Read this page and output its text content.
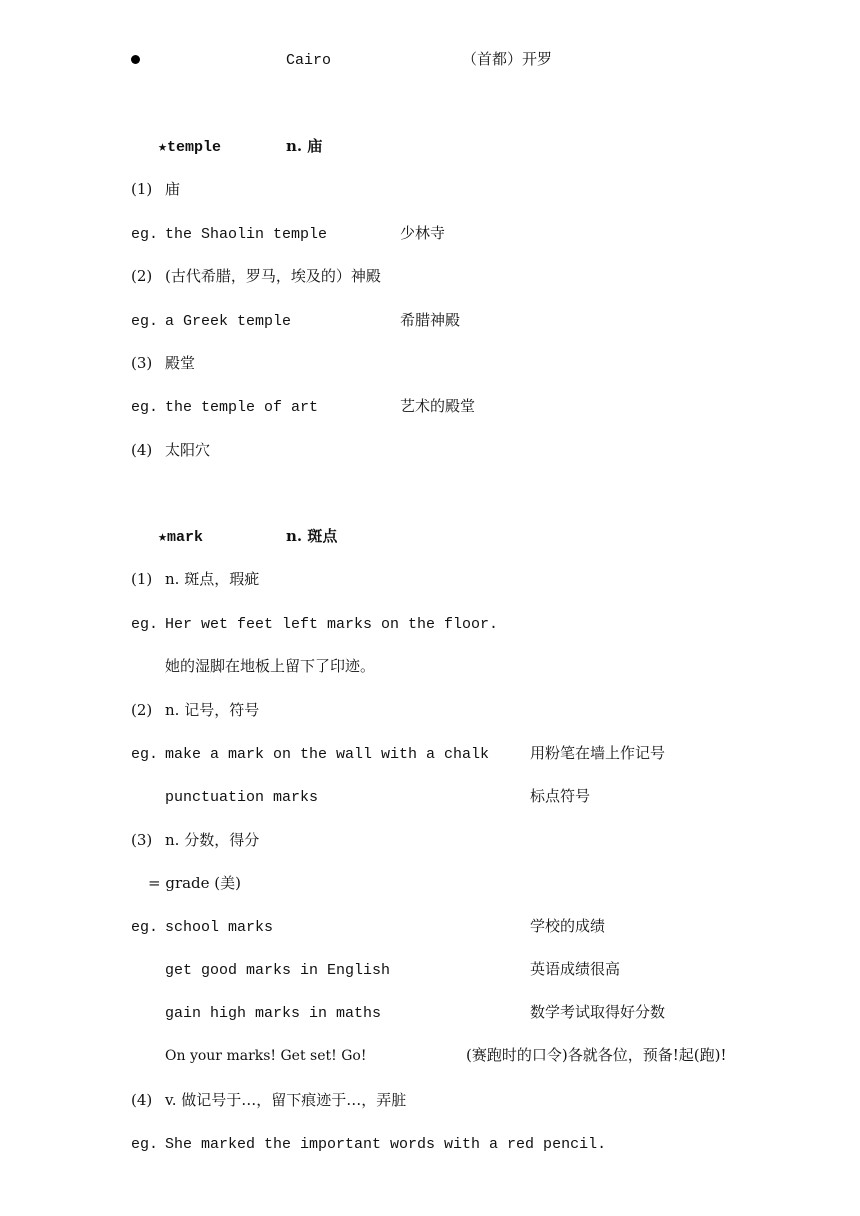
Cairo	（首都）开罗
★temple	n. 庙
(1) 庙
eg. the Shaolin temple	少林寺
(2) (古代希腊，罗马，埃及的）神殿
eg. a Greek temple	希腊神殿
(3) 殿堂
eg. the temple of art	艺术的殿堂
(4) 太阳穴
★mark	n. 斑点
(1) n. 斑点，瑕疵
eg. Her wet feet left marks on the floor.
她的湿脚在地板上留下了印迹。
(2) n. 记号，符号
eg. make a mark on the wall with a chalk	用粉笔在墙上作记号
punctuation marks	标点符号
(3) n. 分数，得分
= grade (美)
eg. school marks	学校的成绩
get good marks in English	英语成绩很高
gain high marks in maths	数学考试取得好分数
On your marks! Get set! Go!	(赛跑时的口令)各就各位，预备!起(跑)!
(4) v. 做记号于…，留下痕迹于…，弄脏
eg. She marked the important words with a red pencil.
